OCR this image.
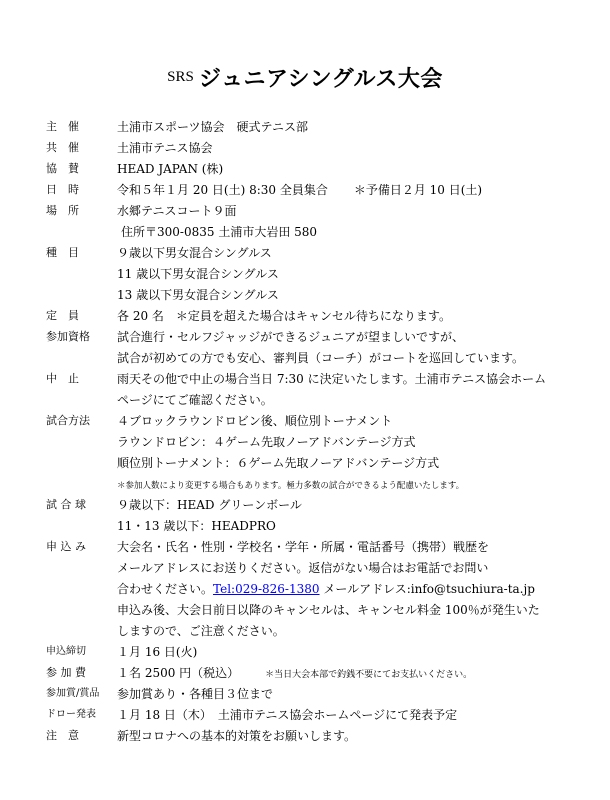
SRS ジュニアシングルス大会
主　催	土浦市スポーツ協会　硬式テニス部
共　催	土浦市テニス協会
協　賛	HEAD JAPAN (株)
日　時	令和５年１月 20 日(土) 8:30 全員集合 ＊予備日２月 10 日(土)
場　所	水郷テニスコート９面
住所〒300-0835 土浦市大岩田 580
種　目	９歳以下男女混合シングルス
11 歳以下男女混合シングルス
13 歳以下男女混合シングルス
定　員	各 20 名　＊定員を超えた場合はキャンセル待ちになります。
参加資格 試合進行・セルフジャッジができるジュニアが望ましいですが、
試合が初めての方でも安心、審判員（コーチ）がコートを巡回しています。
中　止	雨天その他で中止の場合当日 7:30 に決定いたします。土浦市テニス協会ホーム
ページにてご確認ください。
試合方法 ４ブロックラウンドロビン後、順位別トーナメント
ラウンドロビン：４ゲーム先取ノーアドバンテージ方式
順位別トーナメント：６ゲーム先取ノーアドバンテージ方式
＊参加人数により変更する場合もあります。極力多数の試合ができるよう配慮いたします。
試 合 球	９歳以下：HEAD グリーンボール
11・13 歳以下：HEADPRO
申 込 み	大会名・氏名・性別・学校名・学年・所属・電話番号（携帯）戦歴を
メールアドレスにお送りください。返信がない場合はお電話でお問い
合わせください。Tel:029-826-1380 メールアドレス:info@tsuchiura-ta.jp
申込み後、大会日前日以降のキャンセルは、キャンセル料金 100％が発生いた
しますので、ご注意ください。
申込締切	１月 16 日(火)
参 加 費	１名 2500 円（税込）	＊当日大会本部で釣銭不要にてお支払いください。
参加賞/賞品 参加賞あり・各種目３位まで
ドロー発表 １月 18 日（木）　土浦市テニス協会ホームページにて発表予定
注　意	新型コロナへの基本的対策をお願いします。
